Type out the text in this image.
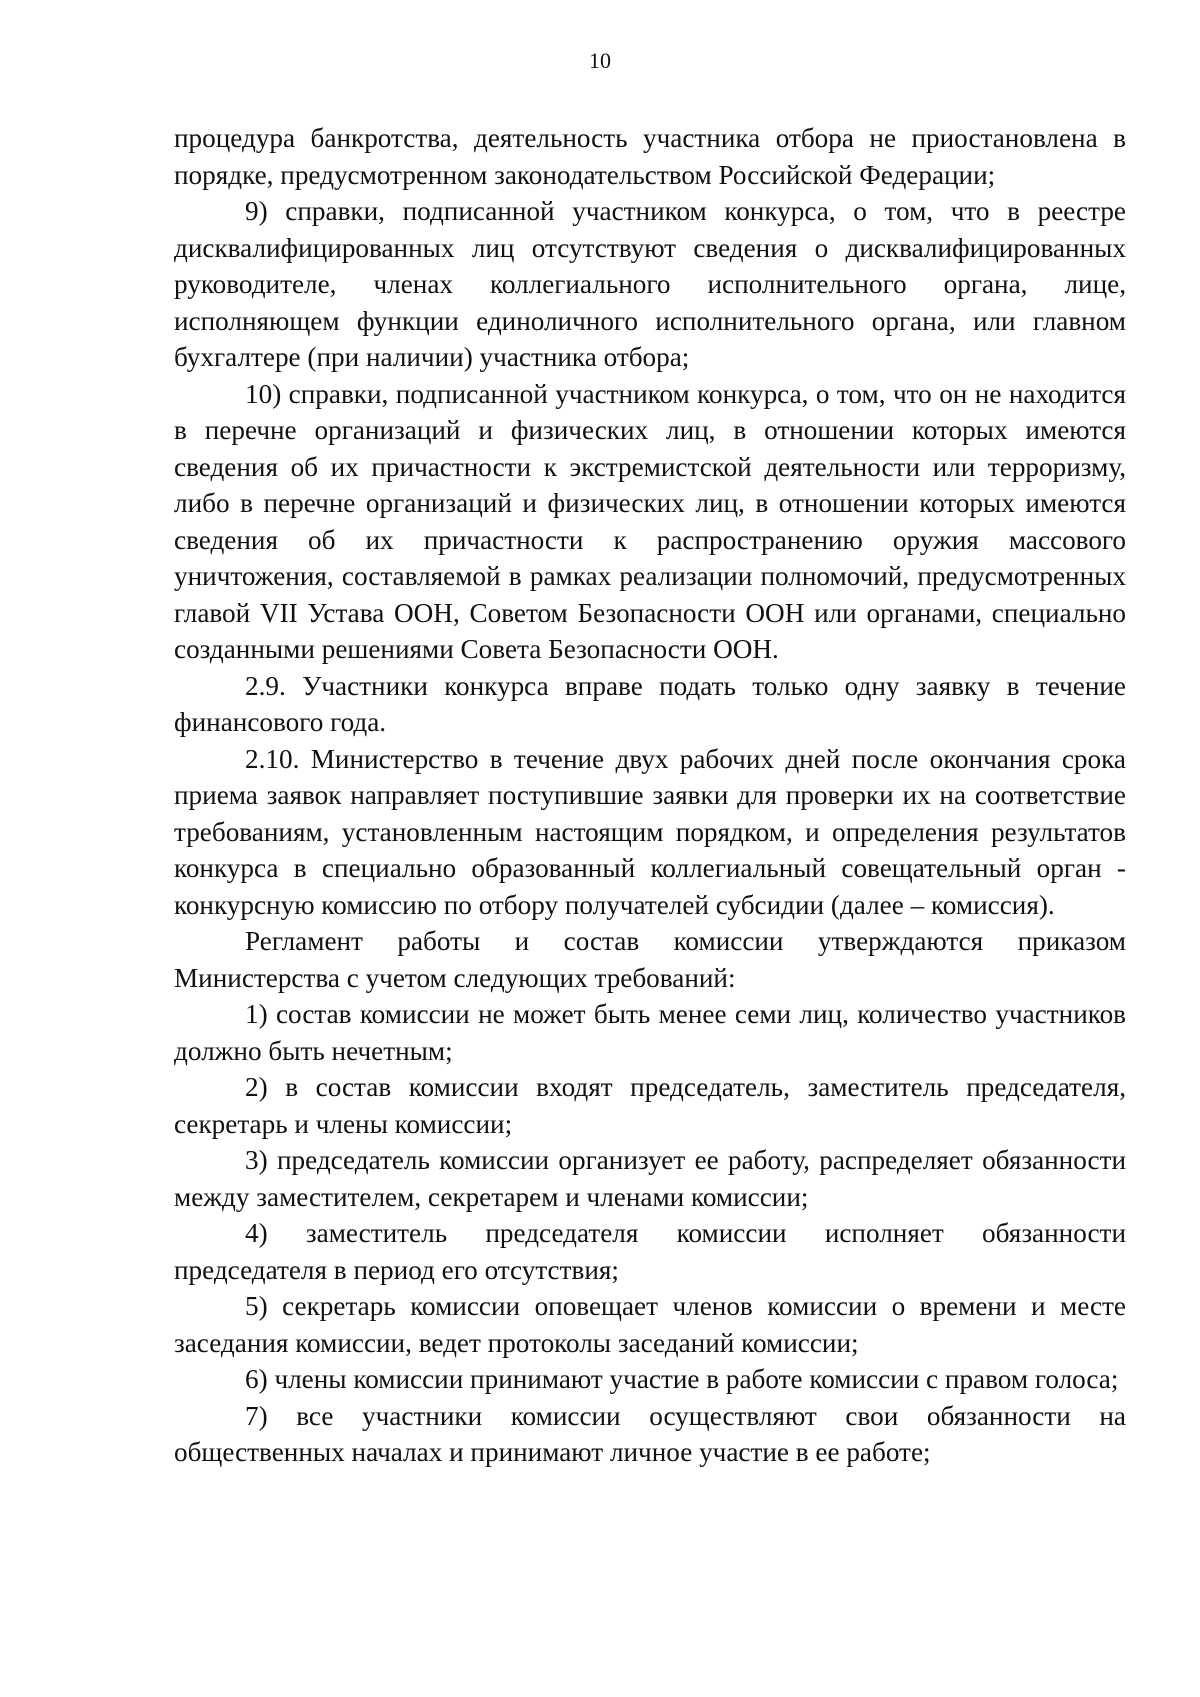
10

процедура банкротства, деятельность участника отбора не приостановлена в порядке, предусмотренном законодательством Российской Федерации;

9) справки, подписанной участником конкурса, о том, что в реестре дисквалифицированных лиц отсутствуют сведения о дисквалифицированных руководителе, членах коллегиального исполнительного органа, лице, исполняющем функции единоличного исполнительного органа, или главном бухгалтере (при наличии) участника отбора;

10) справки, подписанной участником конкурса, о том, что он не находится в перечне организаций и физических лиц, в отношении которых имеются сведения об их причастности к экстремистской деятельности или терроризму, либо в перечне организаций и физических лиц, в отношении которых имеются сведения об их причастности к распространению оружия массового уничтожения, составляемой в рамках реализации полномочий, предусмотренных главой VII Устава ООН, Советом Безопасности ООН или органами, специально созданными решениями Совета Безопасности ООН.

2.9. Участники конкурса вправе подать только одну заявку в течение финансового года.

2.10. Министерство в течение двух рабочих дней после окончания срока приема заявок направляет поступившие заявки для проверки их на соответствие требованиям, установленным настоящим порядком, и определения результатов конкурса в специально образованный коллегиальный совещательный орган - конкурсную комиссию по отбору получателей субсидии (далее – комиссия).

Регламент работы и состав комиссии утверждаются приказом Министерства с учетом следующих требований:

1) состав комиссии не может быть менее семи лиц, количество участников должно быть нечетным;

2) в состав комиссии входят председатель, заместитель председателя, секретарь и члены комиссии;

3) председатель комиссии организует ее работу, распределяет обязанности между заместителем, секретарем и членами комиссии;

4) заместитель председателя комиссии исполняет обязанности председателя в период его отсутствия;

5) секретарь комиссии оповещает членов комиссии о времени и месте заседания комиссии, ведет протоколы заседаний комиссии;

6) члены комиссии принимают участие в работе комиссии с правом голоса;

7) все участники комиссии осуществляют свои обязанности на общественных началах и принимают личное участие в ее работе;
